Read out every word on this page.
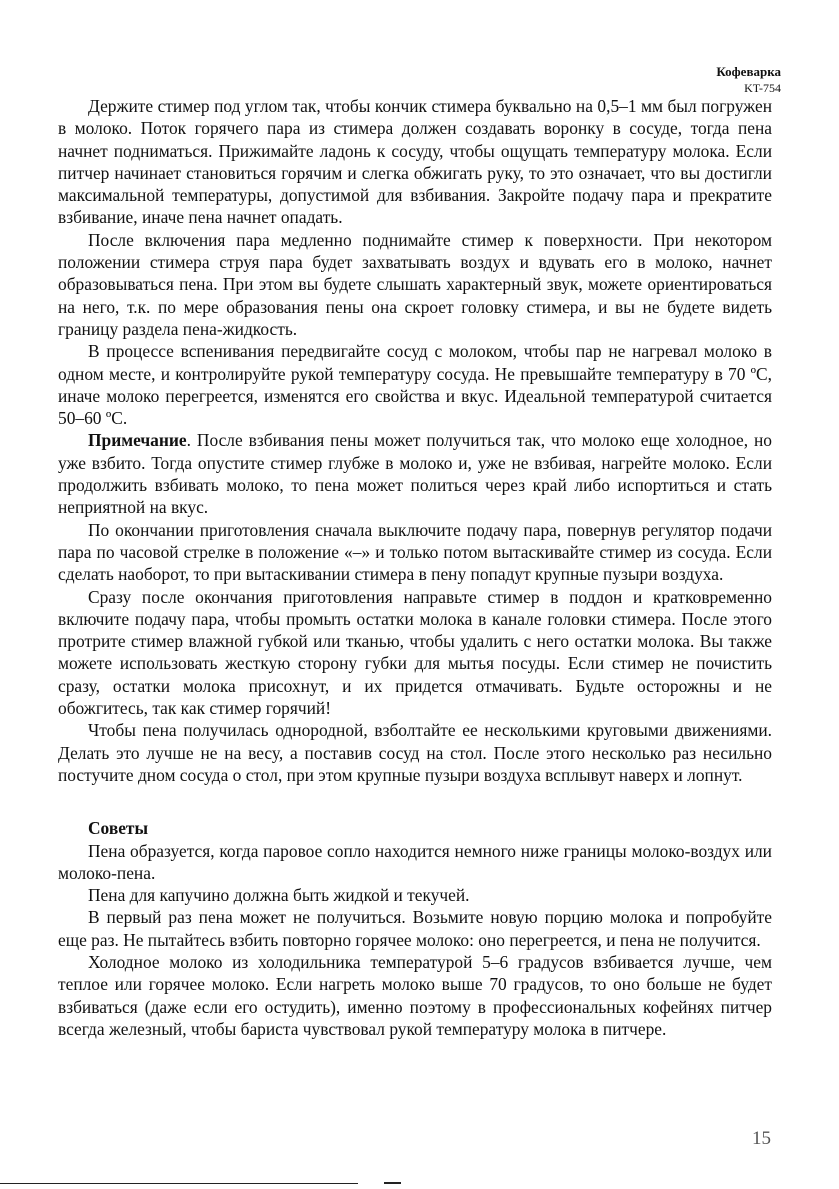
Кофеварка
KT-754

Держите стимер под углом так, чтобы кончик стимера буквально на 0,5–1 мм был погружен в молоко. Поток горячего пара из стимера должен создавать воронку в сосуде, тогда пена начнет подниматься. Прижимайте ладонь к сосуду, чтобы ощущать температуру молока. Если питчер начинает становиться горячим и слегка обжигать руку, то это означает, что вы достигли максимальной температуры, допустимой для взбивания. Закройте подачу пара и прекратите взбивание, иначе пена начнет опадать.

После включения пара медленно поднимайте стимер к поверхности. При некотором положении стимера струя пара будет захватывать воздух и вдувать его в молоко, начнет образовываться пена. При этом вы будете слышать характерный звук, можете ориентироваться на него, т.к. по мере образования пены она скроет головку стимера, и вы не будете видеть границу раздела пена-жидкость.

В процессе вспенивания передвигайте сосуд с молоком, чтобы пар не нагревал молоко в одном месте, и контролируйте рукой температуру сосуда. Не превышайте температуру в 70 ºС, иначе молоко перегреется, изменятся его свойства и вкус. Идеальной температурой считается 50–60 ºС.

Примечание. После взбивания пены может получиться так, что молоко еще холодное, но уже взбито. Тогда опустите стимер глубже в молоко и, уже не взбивая, нагрейте молоко. Если продолжить взбивать молоко, то пена может политься через край либо испортиться и стать неприятной на вкус.

По окончании приготовления сначала выключите подачу пара, повернув регулятор подачи пара по часовой стрелке в положение «–» и только потом вытаскивайте стимер из сосуда. Если сделать наоборот, то при вытаскивании стимера в пену попадут крупные пузыри воздуха.

Сразу после окончания приготовления направьте стимер в поддон и кратковременно включите подачу пара, чтобы промыть остатки молока в канале головки стимера. После этого протрите стимер влажной губкой или тканью, чтобы удалить с него остатки молока. Вы также можете использовать жесткую сторону губки для мытья посуды. Если стимер не почистить сразу, остатки молока присохнут, и их придется отмачивать. Будьте осторожны и не обожгитесь, так как стимер горячий!

Чтобы пена получилась однородной, взболтайте ее несколькими круговыми движениями. Делать это лучше не на весу, а поставив сосуд на стол. После этого несколько раз несильно постучите дном сосуда о стол, при этом крупные пузыри воздуха всплывут наверх и лопнут.

Советы

Пена образуется, когда паровое сопло находится немного ниже границы молоко-воздух или молоко-пена.

Пена для капучино должна быть жидкой и текучей.

В первый раз пена может не получиться. Возьмите новую порцию молока и попробуйте еще раз. Не пытайтесь взбить повторно горячее молоко: оно перегреется, и пена не получится.

Холодное молоко из холодильника температурой 5–6 градусов взбивается лучше, чем теплое или горячее молоко. Если нагреть молоко выше 70 градусов, то оно больше не будет взбиваться (даже если его остудить), именно поэтому в профессиональных кофейнях питчер всегда железный, чтобы бариста чувствовал рукой температуру молока в питчере.

15
